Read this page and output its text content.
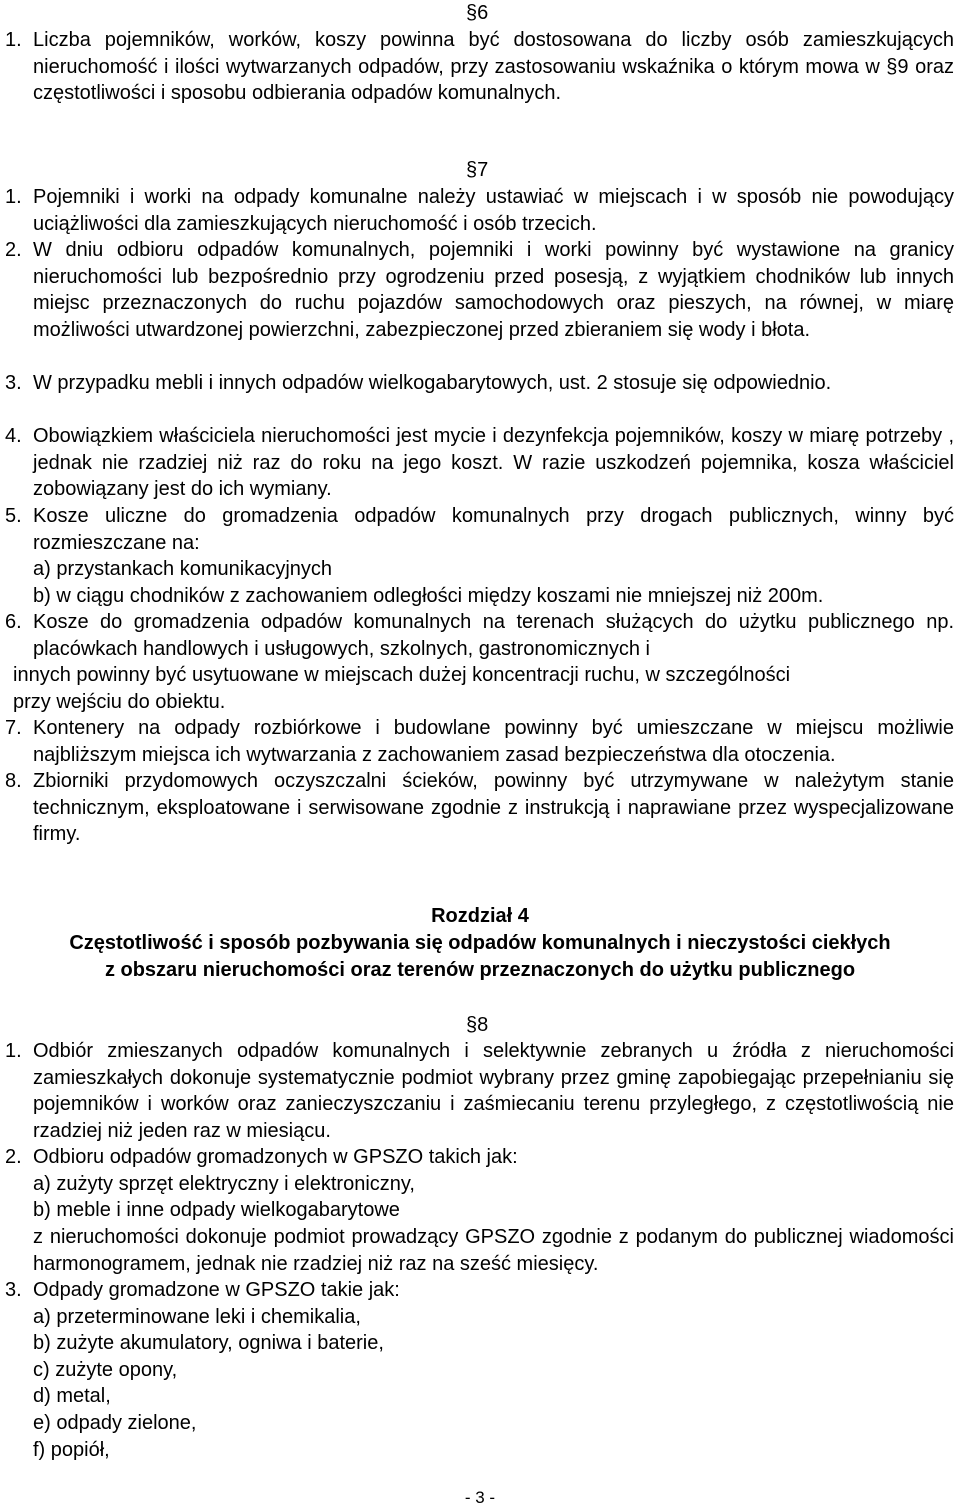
§6
1. Liczba pojemników, worków, koszy powinna być dostosowana do liczby osób zamieszkujących nieruchomość i ilości wytwarzanych odpadów, przy zastosowaniu wskaźnika o którym mowa w §9 oraz częstotliwości i sposobu odbierania odpadów komunalnych.
§7
1. Pojemniki i worki na odpady komunalne należy ustawiać w miejscach i w sposób nie powodujący uciążliwości dla zamieszkujących nieruchomość i osób trzecich.
2. W dniu odbioru odpadów komunalnych, pojemniki i worki powinny być wystawione na granicy nieruchomości lub bezpośrednio przy ogrodzeniu przed posesją, z wyjątkiem chodników lub innych miejsc przeznaczonych do ruchu pojazdów samochodowych oraz pieszych, na równej, w miarę możliwości utwardzonej powierzchni, zabezpieczonej przed zbieraniem się wody i błota.
3. W przypadku mebli i innych odpadów wielkogabarytowych, ust. 2 stosuje się odpowiednio.
4. Obowiązkiem właściciela nieruchomości jest mycie i dezynfekcja pojemników, koszy w miarę potrzeby , jednak nie rzadziej niż raz do roku na jego koszt. W razie uszkodzeń pojemnika, kosza właściciel zobowiązany jest do ich wymiany.
5. Kosze uliczne do gromadzenia odpadów komunalnych przy drogach publicznych, winny być rozmieszczane na:
a) przystankach komunikacyjnych
b) w ciągu chodników z zachowaniem odległości między koszami nie mniejszej niż 200m.
6. Kosze do gromadzenia odpadów komunalnych na terenach służących do użytku publicznego np. placówkach handlowych i usługowych, szkolnych, gastronomicznych i
innych powinny być usytuowane w miejscach dużej koncentracji ruchu, w szczególności
przy wejściu do obiektu.
7. Kontenery na odpady rozbiórkowe i budowlane powinny być umieszczane w miejscu możliwie najbliższym miejsca ich wytwarzania z zachowaniem zasad bezpieczeństwa dla otoczenia.
8. Zbiorniki przydomowych oczyszczalni ścieków, powinny być utrzymywane w należytym stanie technicznym, eksploatowane i serwisowane zgodnie z instrukcją i naprawiane przez wyspecjalizowane firmy.
Rozdział 4
Częstotliwość i sposób pozbywania się odpadów komunalnych i nieczystości ciekłych
z obszaru nieruchomości oraz terenów przeznaczonych do użytku publicznego
§8
1. Odbiór zmieszanych odpadów komunalnych i selektywnie zebranych u źródła z nieruchomości zamieszkałych dokonuje systematycznie podmiot wybrany przez gminę zapobiegając przepełnianiu się pojemników i worków oraz zanieczyszczaniu i zaśmiecaniu terenu przyległego, z częstotliwością nie rzadziej niż jeden raz w miesiącu.
2. Odbioru odpadów gromadzonych w GPSZO takich jak:
a) zużyty sprzęt elektryczny i elektroniczny,
b) meble i inne odpady wielkogabarytowe
z nieruchomości dokonuje podmiot prowadzący GPSZO zgodnie z podanym do publicznej wiadomości harmonogramem, jednak nie rzadziej niż raz na sześć miesięcy.
3. Odpady gromadzone w GPSZO takie jak:
a) przeterminowane leki i chemikalia,
b) zużyte akumulatory, ogniwa i baterie,
c) zużyte opony,
d) metal,
e) odpady zielone,
f) popiół,
- 3 -
